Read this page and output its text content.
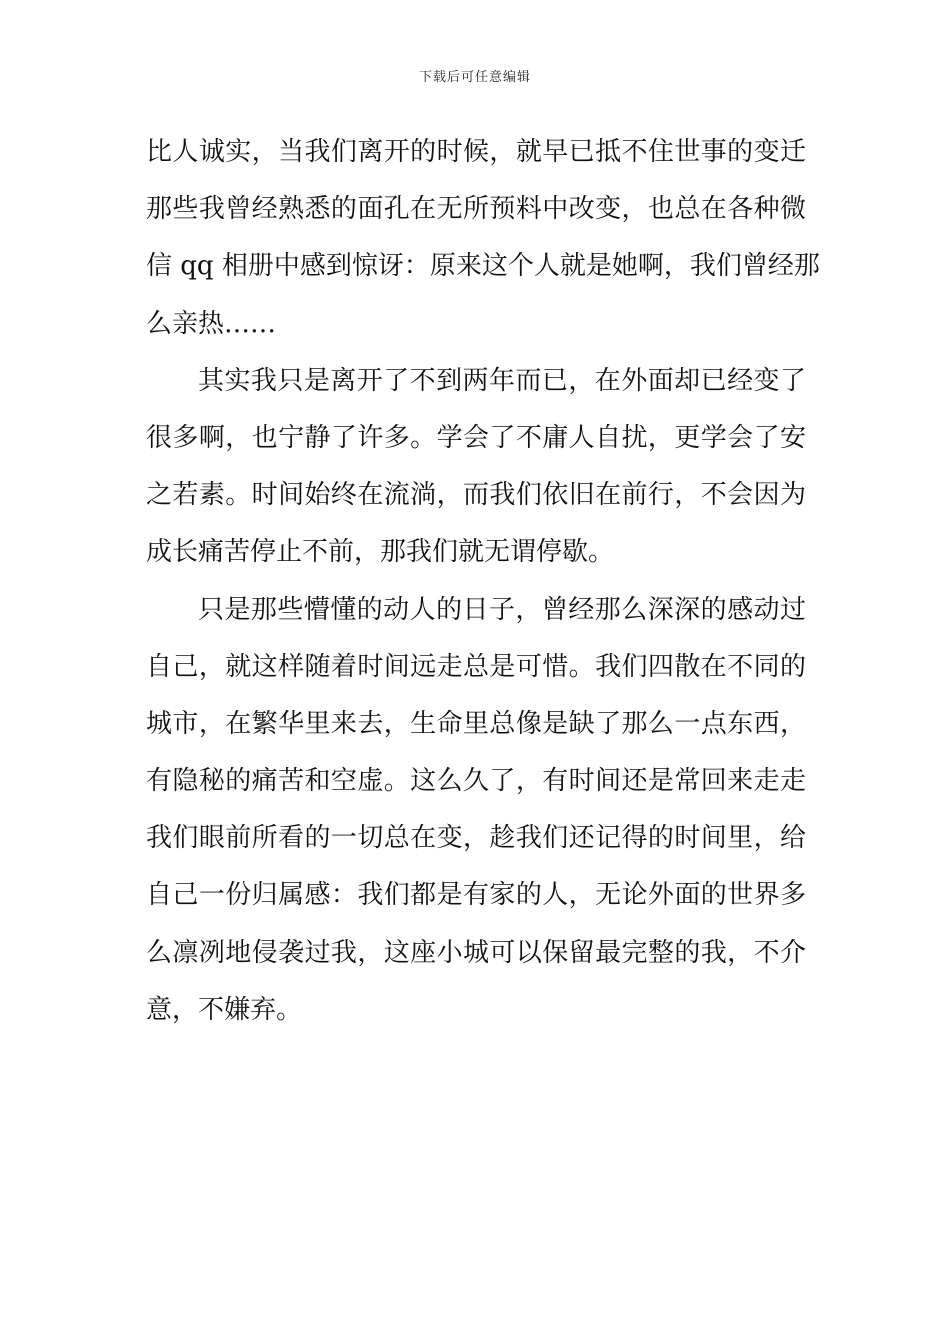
下载后可任意编辑
比人诚实，当我们离开的时候，就早已抵不住世事的变迁
那些我曾经熟悉的面孔在无所预料中改变，也总在各种微
信 qq 相册中感到惊讶：原来这个人就是她啊，我们曾经那
么亲热……
其实我只是离开了不到两年而已，在外面却已经变了
很多啊，也宁静了许多。学会了不庸人自扰，更学会了安
之若素。时间始终在流淌，而我们依旧在前行，不会因为
成长痛苦停止不前，那我们就无谓停歇。
只是那些懵懂的动人的日子，曾经那么深深的感动过
自己，就这样随着时间远走总是可惜。我们四散在不同的
城市，在繁华里来去，生命里总像是缺了那么一点东西，
有隐秘的痛苦和空虚。这么久了，有时间还是常回来走走
我们眼前所看的一切总在变，趁我们还记得的时间里，给
自己一份归属感：我们都是有家的人，无论外面的世界多
么凛冽地侵袭过我，这座小城可以保留最完整的我，不介
意，不嫌弃。
